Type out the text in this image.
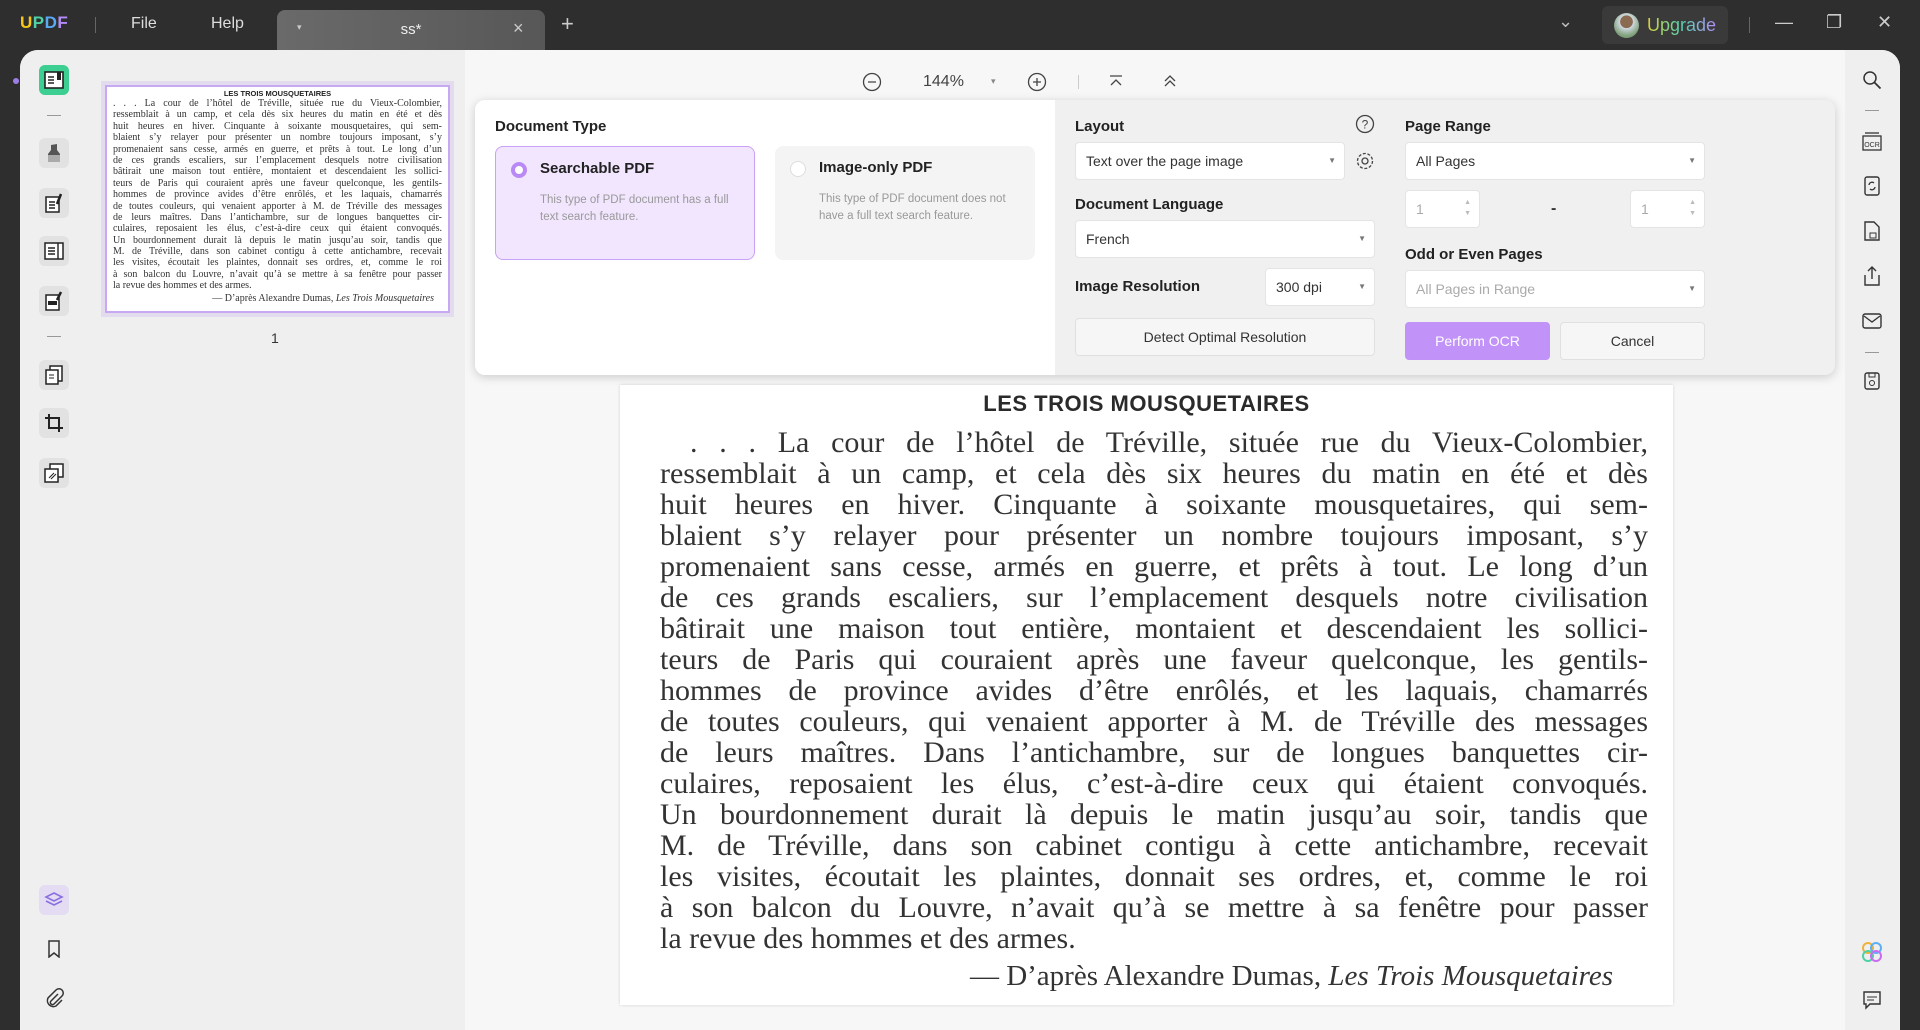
UPDF	File	Help	▾	ss*	× +	⌄	Upgrade	— ❐ ✕
LES TROIS MOUSQUETAIRES
. . . La cour de l’hôtel de Tréville, située rue du Vieux-Colombier,
ressemblait à un camp, et cela dès six heures du matin en été et dès
huit heures en hiver. Cinquante à soixante mousquetaires, qui sem-
blaient s’y relayer pour présenter un nombre toujours imposant, s’y
promenaient sans cesse, armés en guerre, et prêts à tout. Le long d’un
de ces grands escaliers, sur l’emplacement desquels notre civilisation
bâtirait une maison tout entière, montaient et descendaient les sollici-
teurs de Paris qui couraient après une faveur quelconque, les gentils-
hommes de province avides d’être enrôlés, et les laquais, chamarrés
de toutes couleurs, qui venaient apporter à M. de Tréville des messages
de leurs maîtres. Dans l’antichambre, sur de longues banquettes cir-
culaires, reposaient les élus, c’est-à-dire ceux qui étaient convoqués.
Un bourdonnement durait là depuis le matin jusqu’au soir, tandis que
M. de Tréville, dans son cabinet contigu à cette antichambre, recevait
les visites, écoutait les plaintes, donnait ses ordres, et, comme le roi
à son balcon du Louvre, n’avait qu’à se mettre à sa fenêtre pour passer
la revue des hommes et des armes.
— D’après Alexandre Dumas, Les Trois Mousquetaires
1
144%	▾
LES TROIS MOUSQUETAIRES
. . . La cour de l’hôtel de Tréville, située rue du Vieux-Colombier,
ressemblait à un camp, et cela dès six heures du matin en été et dès
huit heures en hiver. Cinquante à soixante mousquetaires, qui sem-
blaient s’y relayer pour présenter un nombre toujours imposant, s’y
promenaient sans cesse, armés en guerre, et prêts à tout. Le long d’un
de ces grands escaliers, sur l’emplacement desquels notre civilisation
bâtirait une maison tout entière, montaient et descendaient les sollici-
teurs de Paris qui couraient après une faveur quelconque, les gentils-
hommes de province avides d’être enrôlés, et les laquais, chamarrés
de toutes couleurs, qui venaient apporter à M. de Tréville des messages
de leurs maîtres. Dans l’antichambre, sur de longues banquettes cir-
culaires, reposaient les élus, c’est-à-dire ceux qui étaient convoqués.
Un bourdonnement durait là depuis le matin jusqu’au soir, tandis que
M. de Tréville, dans son cabinet contigu à cette antichambre, recevait
les visites, écoutait les plaintes, donnait ses ordres, et, comme le roi
à son balcon du Louvre, n’avait qu’à se mettre à sa fenêtre pour passer
la revue des hommes et des armes.
— D’après Alexandre Dumas, Les Trois Mousquetaires
Document Type
Searchable PDF
This type of PDF document has a full text search feature.
Image-only PDF
This type of PDF document does not have a full text search feature.
Layout	?
Text over the page image	▼
Document Language
French	▼
Image Resolution	300 dpi	▼
Detect Optimal Resolution
Page Range
All Pages	▼
1	▲
▼	-	1	▲
▼
Odd or Even Pages
All Pages in Range	▼
Perform OCR	Cancel
OCR
